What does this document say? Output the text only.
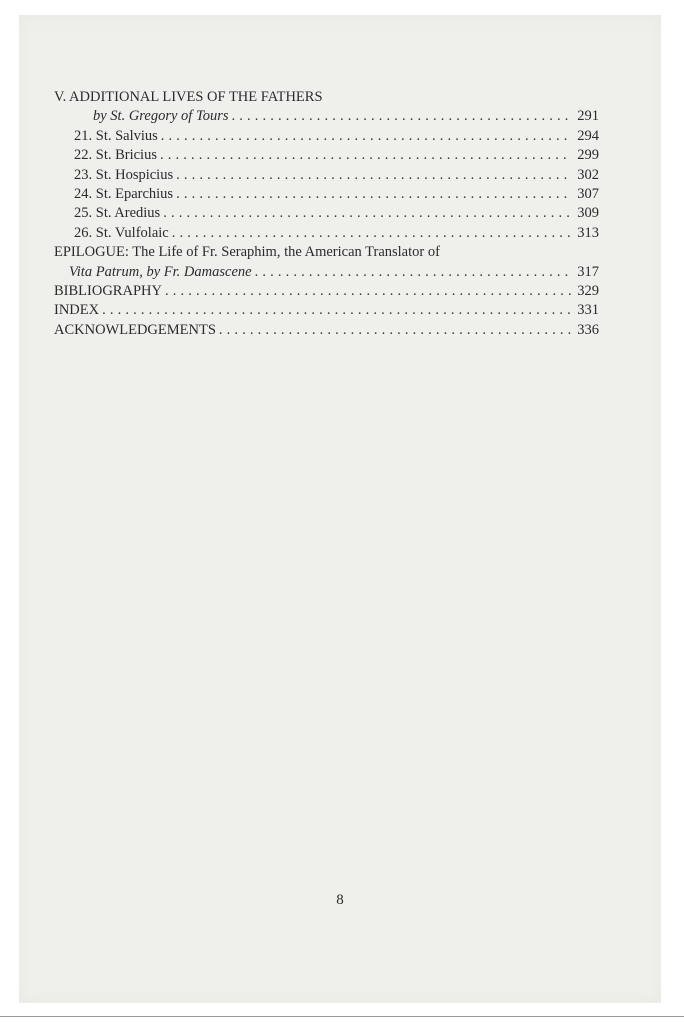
V. ADDITIONAL LIVES OF THE FATHERS
by St. Gregory of Tours . . .	291
21. St. Salvius . . .	294
22. St. Bricius . . .	299
23. St. Hospicius . . .	302
24. St. Eparchius . . .	307
25. St. Aredius . . .	309
26. St. Vulfolaic . . .	313
EPILOGUE: The Life of Fr. Seraphim, the American Translator of
Vita Patrum, by Fr. Damascene . . .	317
BIBLIOGRAPHY . . .	329
INDEX . . .	331
ACKNOWLEDGEMENTS . . .	336
8
